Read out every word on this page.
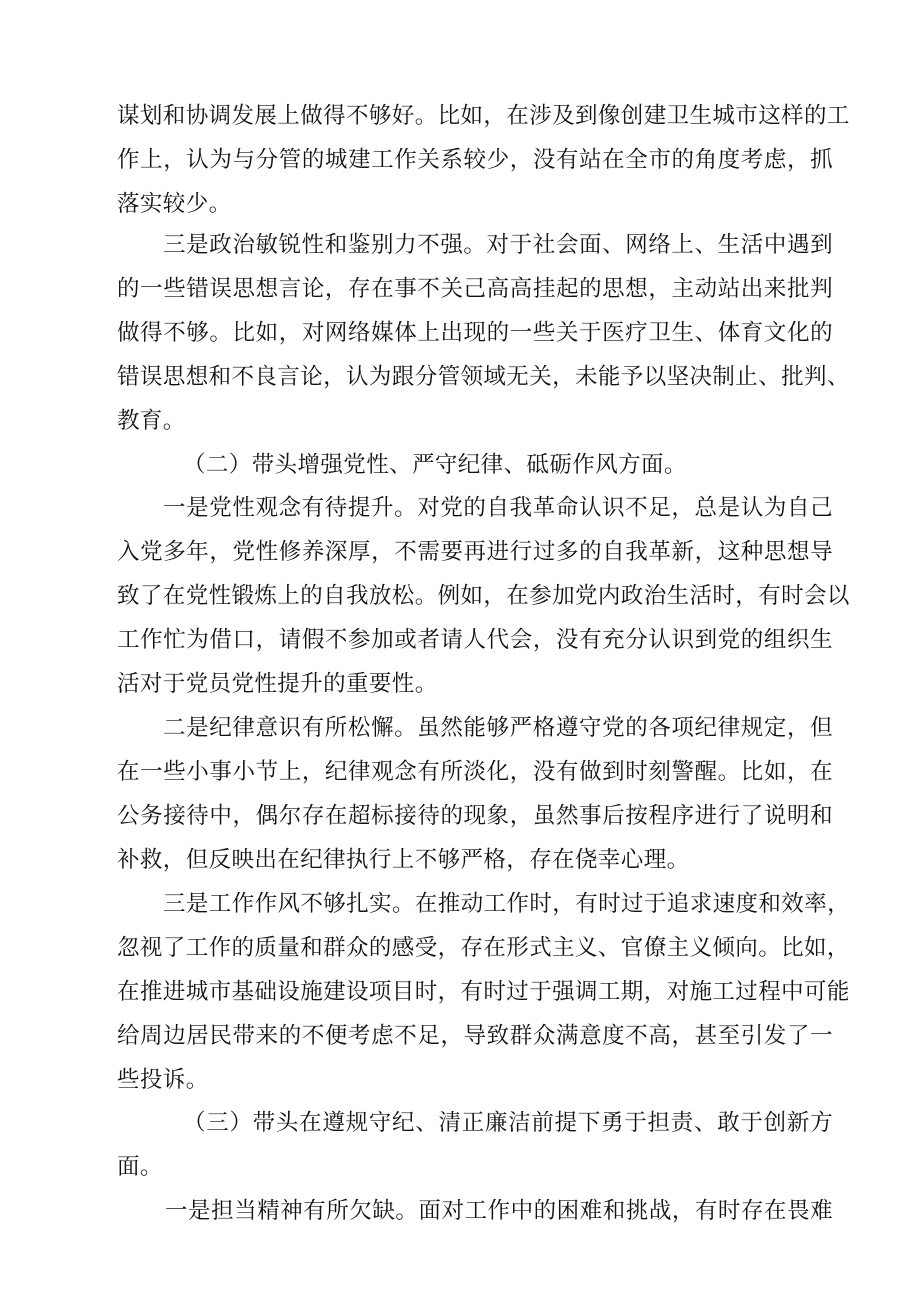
谋划和协调发展上做得不够好。比如，在涉及到像创建卫生城市这样的工
作上，认为与分管的城建工作关系较少，没有站在全市的角度考虑，抓
落实较少。
三是政治敏锐性和鉴别力不强。对于社会面、网络上、生活中遇到
的一些错误思想言论，存在事不关己高高挂起的思想，主动站出来批判
做得不够。比如，对网络媒体上出现的一些关于医疗卫生、体育文化的
错误思想和不良言论，认为跟分管领域无关，未能予以坚决制止、批判、
教育。
（二）带头增强党性、严守纪律、砥砺作风方面。
一是党性观念有待提升。对党的自我革命认识不足，总是认为自己
入党多年，党性修养深厚，不需要再进行过多的自我革新，这种思想导
致了在党性锻炼上的自我放松。例如，在参加党内政治生活时，有时会以
工作忙为借口，请假不参加或者请人代会，没有充分认识到党的组织生
活对于党员党性提升的重要性。
二是纪律意识有所松懈。虽然能够严格遵守党的各项纪律规定，但
在一些小事小节上，纪律观念有所淡化，没有做到时刻警醒。比如，在
公务接待中，偶尔存在超标接待的现象，虽然事后按程序进行了说明和
补救，但反映出在纪律执行上不够严格，存在侥幸心理。
三是工作作风不够扎实。在推动工作时，有时过于追求速度和效率，
忽视了工作的质量和群众的感受，存在形式主义、官僚主义倾向。比如，
在推进城市基础设施建设项目时，有时过于强调工期，对施工过程中可能
给周边居民带来的不便考虑不足，导致群众满意度不高，甚至引发了一
些投诉。
（三）带头在遵规守纪、清正廉洁前提下勇于担责、敢于创新方
面。
一是担当精神有所欠缺。面对工作中的困难和挑战，有时存在畏难
